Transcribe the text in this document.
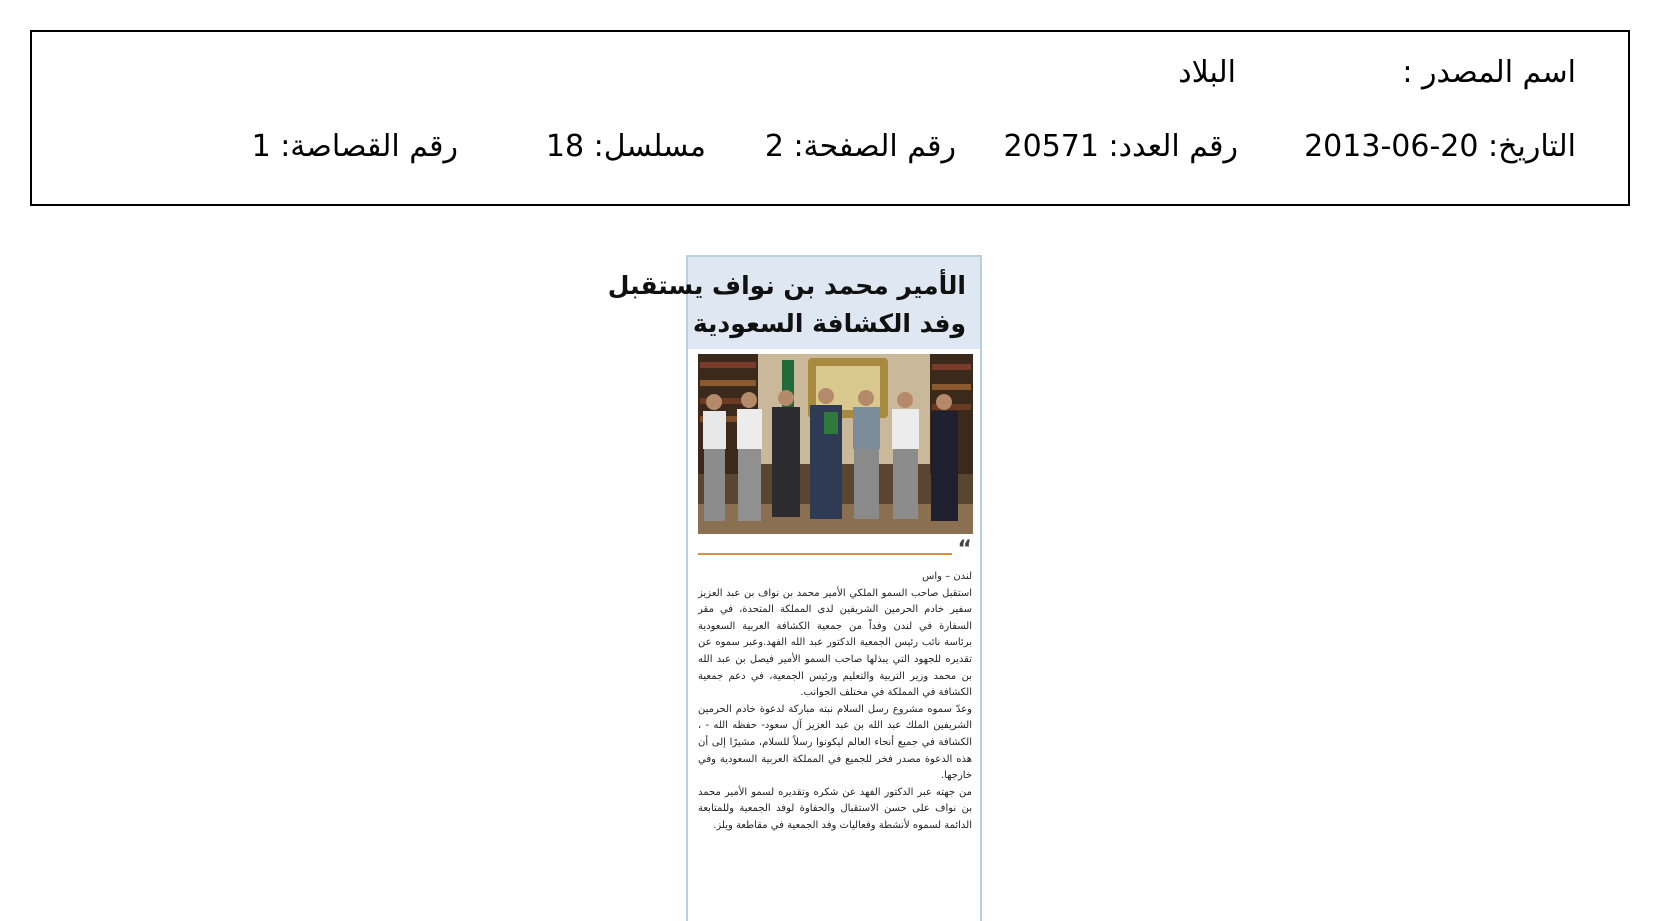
اسم المصدر :
البلاد
التاريخ: 20-06-2013
رقم العدد: 20571
رقم الصفحة: 2
مسلسل: 18
رقم القصاصة: 1
الأمير محمد بن نواف يستقبل
وفد الكشافة السعودية
“

لندن – واس

استقبل صاحب السمو الملكي الأمير محمد بن نواف بن عبد العزيز سفير خادم الحرمين الشريفين لدى المملكة المتحدة، في مقر السفارة في لندن وفداً من جمعية الكشافة العربية السعودية برئاسة نائب رئيس الجمعية الدكتور عبد الله الفهد.وعبر سموه عن تقديره للجهود التي يبذلها صاحب السمو الأمير فيصل بن عبد الله بن محمد وزير التربية والتعليم ورئيس الجمعية، في دعم جمعية الكشافة في المملكة في مختلف الجوانب.

وعدّ سموه مشروع رسل السلام نبته مباركة لدعوة خادم الحرمين الشريفين الملك عبد الله بن عبد العزيز آل سعود- حفظه الله - ، الكشافة في جميع أنحاء العالم ليكونوا رسلاً للسلام، مشيرًا إلى أن هذه الدعوة مصدر فخر للجميع في المملكة العربية السعودية وفي خارجها.

من جهته عبر الدكتور الفهد عن شكره وتقديره لسمو الأمير محمد بن نواف على حسن الاستقبال والحفاوة لوفد الجمعية وللمتابعة الدائمة لسموه لأنشطة وفعاليات وفد الجمعية في مقاطعة ويلز.
